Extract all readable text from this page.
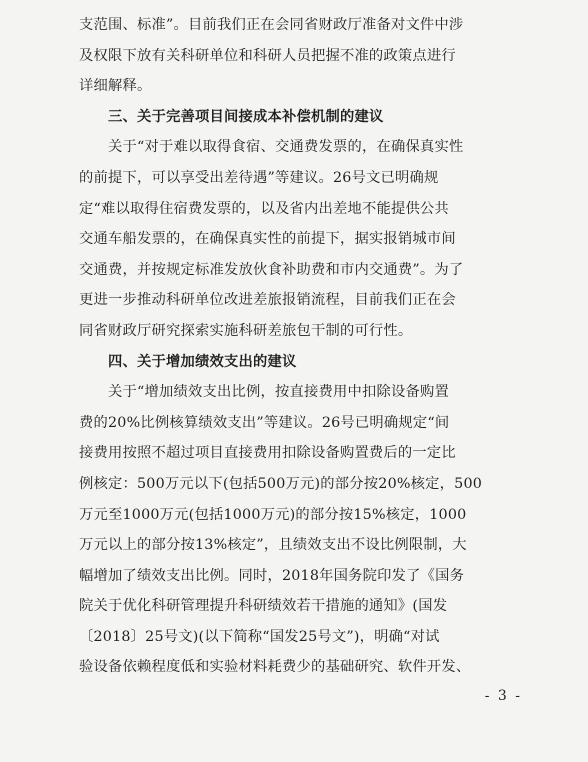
支范围、标准”。目前我们正在会同省财政厅准备对文件中涉
及权限下放有关科研单位和科研人员把握不准的政策点进行
详细解释。
三、关于完善项目间接成本补偿机制的建议
关于“对于难以取得食宿、交通费发票的，在确保真实性
的前提下，可以享受出差待遇”等建议。26号文已明确规
定“难以取得住宿费发票的，以及省内出差地不能提供公共
交通车船发票的，在确保真实性的前提下，据实报销城市间
交通费，并按规定标准发放伙食补助费和市内交通费”。为了
更进一步推动科研单位改进差旅报销流程，目前我们正在会
同省财政厅研究探索实施科研差旅包干制的可行性。
四、关于增加绩效支出的建议
关于“增加绩效支出比例，按直接费用中扣除设备购置
费的20%比例核算绩效支出”等建议。26号已明确规定“间
接费用按照不超过项目直接费用扣除设备购置费后的一定比
例核定：500万元以下(包括500万元)的部分按20%核定，500
万元至1000万元(包括1000万元)的部分按15%核定，1000
万元以上的部分按13%核定”，且绩效支出不设比例限制，大
幅增加了绩效支出比例。同时，2018年国务院印发了《国务
院关于优化科研管理提升科研绩效若干措施的通知》(国发
〔2018〕25号文)(以下简称“国发25号文”)，明确“对试
验设备依赖程度低和实验材料耗费少的基础研究、软件开发、
- 3 -
